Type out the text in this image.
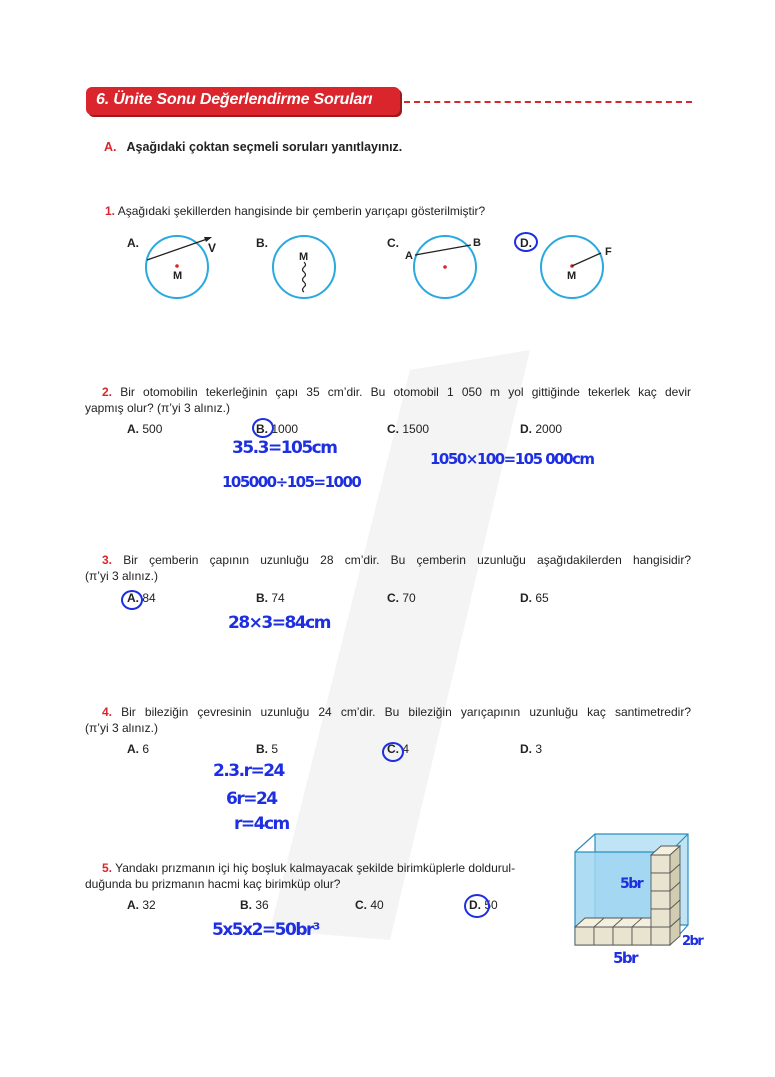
6. Ünite Sonu Değerlendirme Soruları
A. Aşağıdaki çoktan seçmeli soruları yanıtlayınız.
1. Aşağıdaki şekillerden hangisinde bir çemberin yarıçapı gösterilmiştir?
A.	B.	C.	D.
V
M
M	A
B
F
M
2. Bir otomobilin tekerleğinin çapı 35 cm’dir. Bu otomobil 1 050 m yol gittiğinde tekerlek kaç devir
yapmış olur? (π’yi 3 alınız.)
A. 500	B. 1000	C. 1500	D. 2000
35.3=105cm
105000÷105=1000
1050×100=105 000cm
3. Bir çemberin çapının uzunluğu 28 cm’dir. Bu çemberin uzunluğu aşağıdakilerden hangisidir?
(π’yi 3 alınız.)
A. 84	B. 74	C. 70	D. 65
28×3=84cm
4. Bir bileziğin çevresinin uzunluğu 24 cm’dir. Bu bileziğin yarıçapının uzunluğu kaç santimetredir?
(π’yi 3 alınız.)
A. 6	B. 5	C. 4	D. 3
2.3.r=24
6r=24
r=4cm
5. Yandakı prızmanın içi hiç boşluk kalmayacak şekilde birimküplerle doldurul-
duğunda bu prizmanın hacmi kaç birimküp olur?
A. 32	B. 36	C. 40	D. 50
5x5x2=50br³
5br
5br
2br
